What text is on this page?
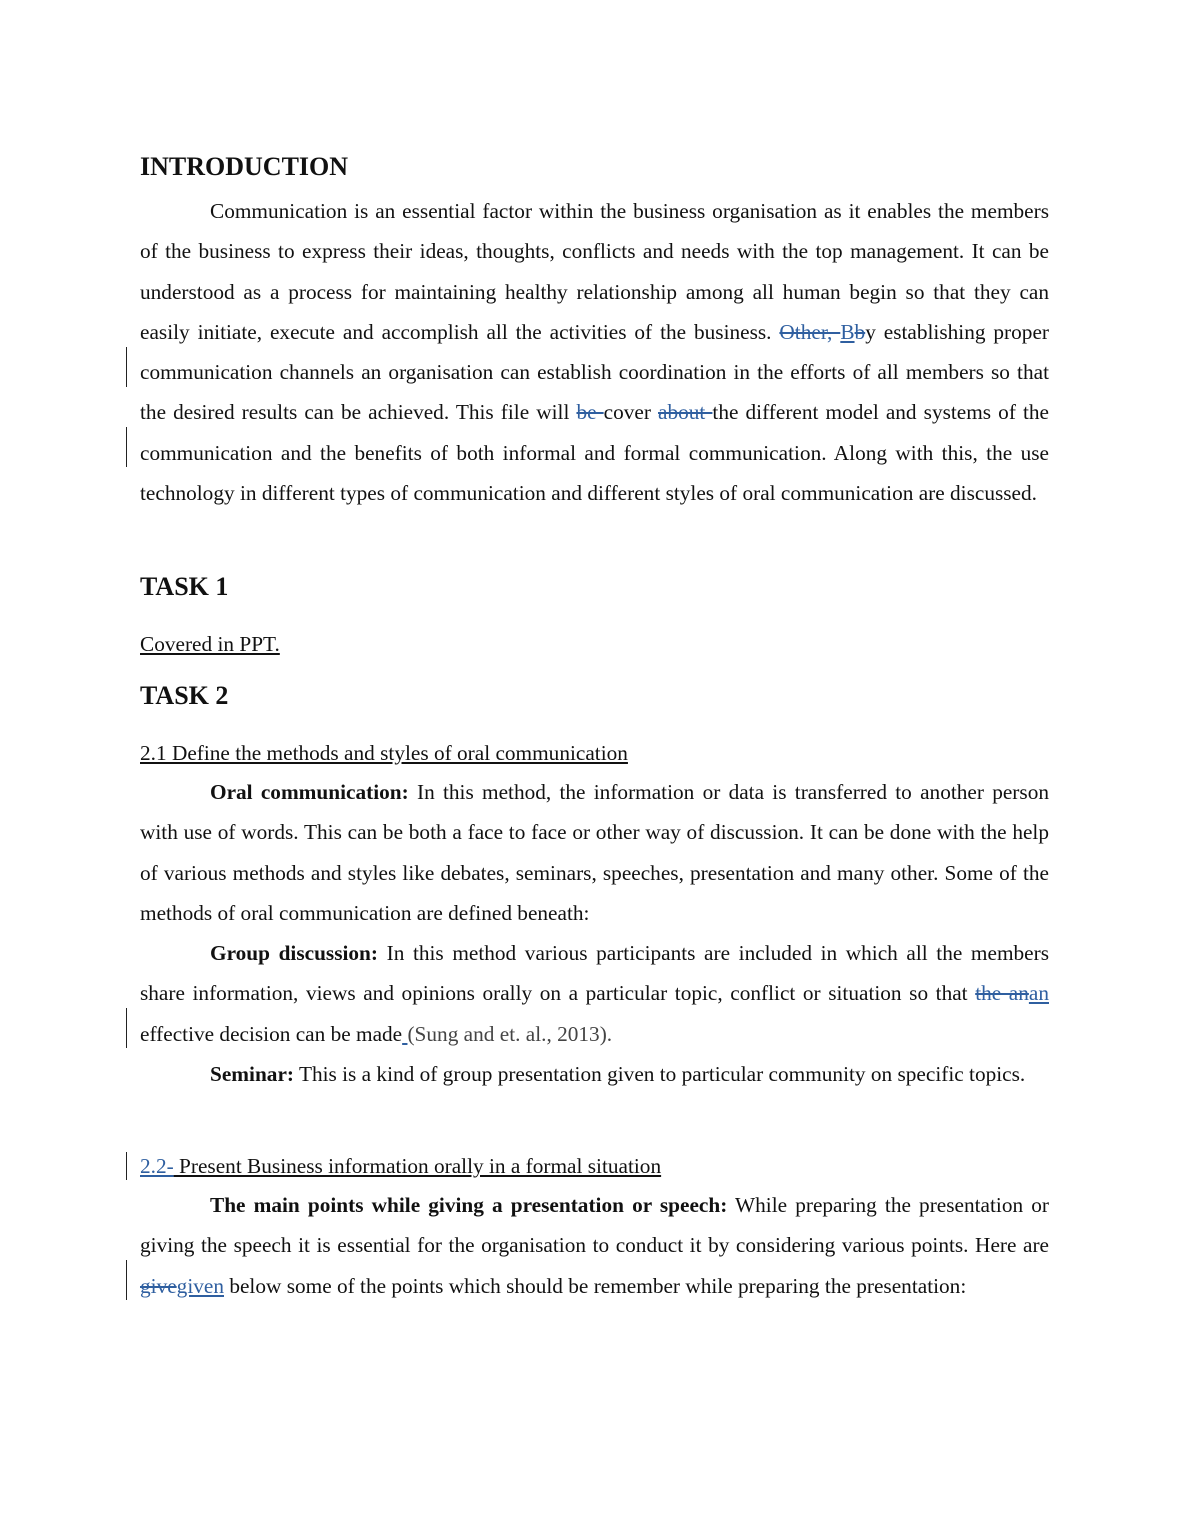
INTRODUCTION

Communication is an essential factor within the business organisation as it enables the members of the business to express their ideas, thoughts, conflicts and needs with the top management. It can be understood as a process for maintaining healthy relationship among all human begin so that they can easily initiate, execute and accomplish all the activities of the business. Other, Bby establishing proper communication channels an organisation can establish coordination in the efforts of all members so that the desired results can be achieved. This file will be cover about the different model and systems of the communication and the benefits of both informal and formal communication. Along with this, the use technology in different types of communication and different styles of oral communication are discussed.

TASK 1
Covered in PPT.
TASK 2
2.1 Define the methods and styles of oral communication

Oral communication: In this method, the information or data is transferred to another person with use of words. This can be both a face to face or other way of discussion. It can be done with the help of various methods and styles like debates, seminars, speeches, presentation and many other. Some of the methods of oral communication are defined beneath:

Group discussion: In this method various participants are included in which all the members share information, views and opinions orally on a particular topic, conflict or situation so that the anan effective decision can be made (Sung and et. al., 2013).

Seminar: This is a kind of group presentation given to particular community on specific topics.

2.2- Present Business information orally in a formal situation

The main points while giving a presentation or speech: While preparing the presentation or giving the speech it is essential for the organisation to conduct it by considering various points. Here are givegiven below some of the points which should be remember while preparing the presentation:
